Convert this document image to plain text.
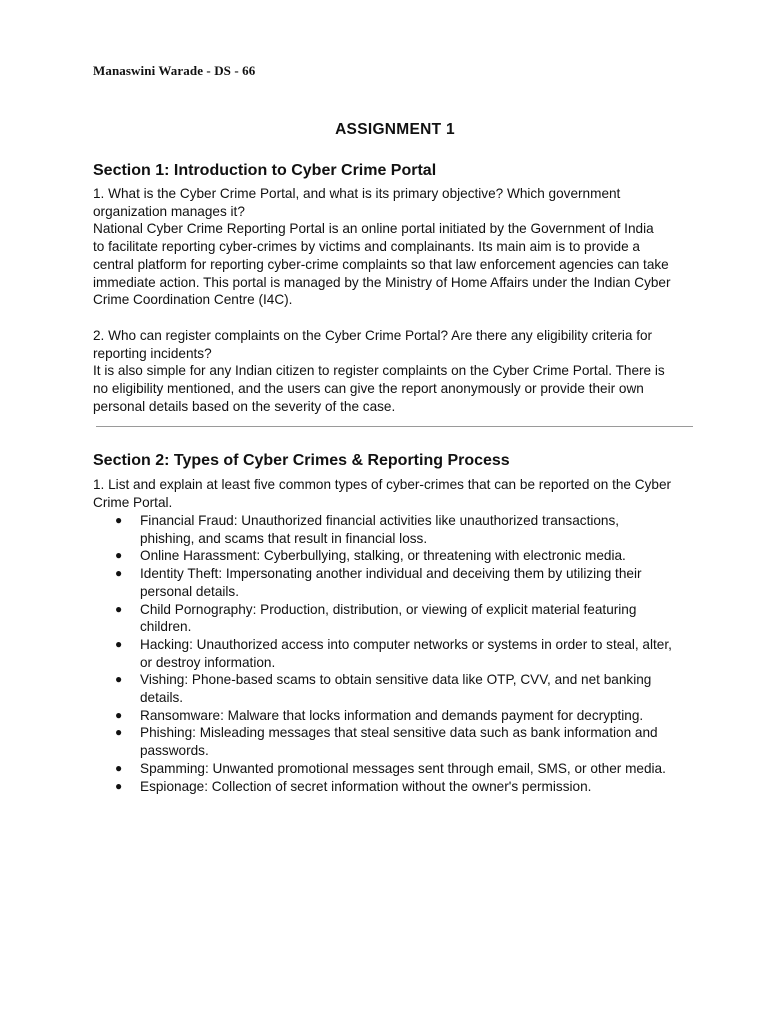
Manaswini Warade - DS - 66
ASSIGNMENT 1
Section 1: Introduction to Cyber Crime Portal

1. What is the Cyber Crime Portal, and what is its primary objective? Which government

organization manages it?

National Cyber Crime Reporting Portal is an online portal initiated by the Government of India

to facilitate reporting cyber-crimes by victims and complainants. Its main aim is to provide a

central platform for reporting cyber-crime complaints so that law enforcement agencies can take

immediate action. This portal is managed by the Ministry of Home Affairs under the Indian Cyber

Crime Coordination Centre (I4C).

2. Who can register complaints on the Cyber Crime Portal? Are there any eligibility criteria for

reporting incidents?

It is also simple for any Indian citizen to register complaints on the Cyber Crime Portal. There is

no eligibility mentioned, and the users can give the report anonymously or provide their own

personal details based on the severity of the case.

Section 2: Types of Cyber Crimes & Reporting Process

1. List and explain at least five common types of cyber-crimes that can be reported on the Cyber

Crime Portal.

● Financial Fraud: Unauthorized financial activities like unauthorized transactions,
phishing, and scams that result in financial loss.
● Online Harassment: Cyberbullying, stalking, or threatening with electronic media.
● Identity Theft: Impersonating another individual and deceiving them by utilizing their
personal details.
● Child Pornography: Production, distribution, or viewing of explicit material featuring
children.
● Hacking: Unauthorized access into computer networks or systems in order to steal, alter,
or destroy information.
● Vishing: Phone-based scams to obtain sensitive data like OTP, CVV, and net banking
details.
● Ransomware: Malware that locks information and demands payment for decrypting.
● Phishing: Misleading messages that steal sensitive data such as bank information and
passwords.
● Spamming: Unwanted promotional messages sent through email, SMS, or other media.
● Espionage: Collection of secret information without the owner's permission.
